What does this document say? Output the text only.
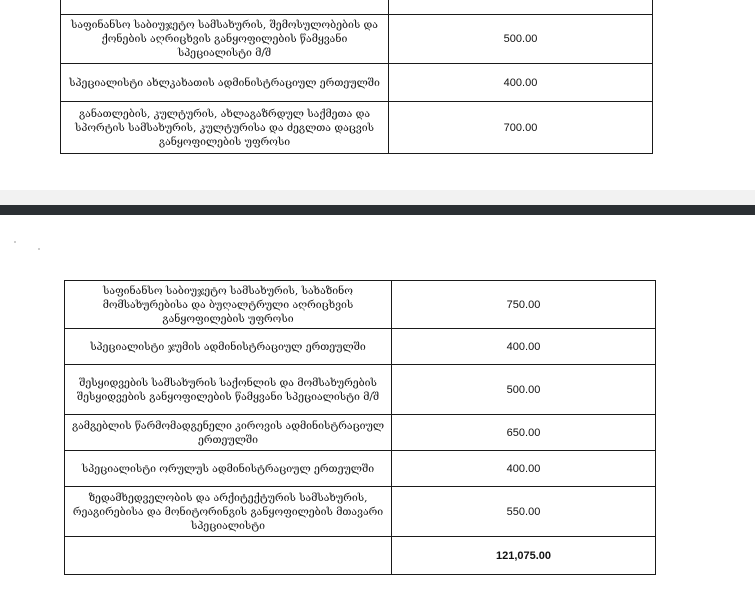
საფინანსო საბიუჯეტო სამსახურის, შემოსულობების და ქონების აღრიცხვის განყოფილების წამყვანი სპეციალისტი მ/შ	500.00
სპეციალისტი ახლკახათის ადმინისტრაციულ ერთეულში	400.00
განათლების, კულტურის, ახლაგაზრდულ საქმეთა და სპორტის სამსახურის, კულტურისა და ძეგლთა დაცვის განყოფილების უფროსი	700.00
საფინანსო საბიუჯეტო სამსახურის, სახაზინო მომსახურებისა და ბუღალტრული აღრიცხვის განყოფილების უფროსი	750.00
სპეციალისტი ჯუმის ადმინისტრაციულ ერთეულში	400.00
შესყიდვების სამსახურის საქონლის და მომსახურების შესყიდვების განყოფილების წამყვანი სპეციალისტი მ/შ	500.00
გამგებლის წარმომადგენელი კიროვის ადმინისტრაციულ ერთეულში	650.00
სპეციალისტი ორულუს ადმინისტრაციულ ერთეულში	400.00
ზედამხედველობის და არქიტექტურის სამსახურის, რეაგირებისა და მონიტორინგის განყოფილების მთავარი სპეციალისტი	550.00
	121,075.00
